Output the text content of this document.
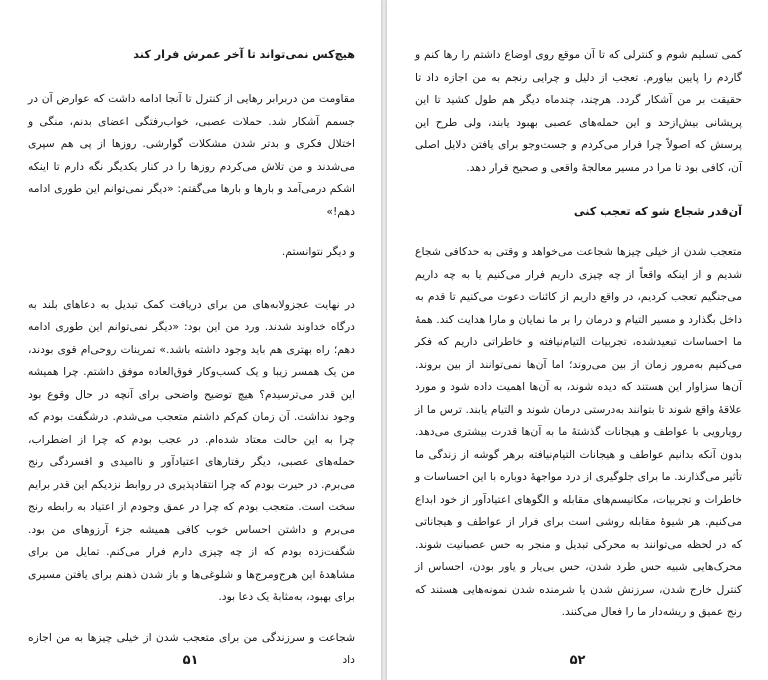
هیچ‌کس نمی‌تواند تا آخر عمرش فرار کند

مقاومت من دربرابر رهایی از کنترل تا آنجا ادامه داشت که عوارض آن در جسمم آشکار شد. حملات عصبی، خواب‌رفتگی اعضای بدنم، منگی و اختلال فکری و بدتر شدن مشکلات گوارشی. روزها از پی هم سپری می‌شدند و من تلاش می‌کردم روزها را در کنار یکدیگر نگه دارم تا اینکه اشکم درمی‌آمد و بارها و بارها می‌گفتم: «دیگر نمی‌توانم این طوری ادامه دهم!»

و دیگر نتوانستم.

در نهایت عجزولابه‌های من برای دریافت کمک تبدیل به دعاهای بلند به درگاه خداوند شدند. ورد من این بود: «دیگر نمی‌توانم این طوری ادامه دهم؛ راه بهتری هم باید وجود داشته باشد.» تمرینات روحی‌ام قوی بودند، من یک همسر زیبا و یک کسب‌وکار فوق‌العاده موفق داشتم. چرا همیشه این قدر می‌ترسیدم؟ هیچ توضیح واضحی برای آنچه در حال وقوع بود وجود نداشت. آن زمان کم‌کم داشتم متعجب می‌شدم. درشگفت بودم که چرا به این حالت معتاد شده‌ام. در عجب بودم که چرا از اضطراب، حمله‌های عصبی، دیگر رفتارهای اعتیادآور و ناامیدی و افسردگی رنج می‌برم. در حیرت بودم که چرا انتقادپذیری در روابط نزدیکم این قدر برایم سخت است. متعجب بودم که چرا در عمق وجودم از اعتیاد به رابطه رنج می‌برم و داشتن احساس خوب کافی همیشه جزء آرزوهای من بود. شگفت‌زده بودم که از چه چیزی دارم فرار می‌کنم. تمایل من برای مشاهدهٔ این هرج‌ومرج‌ها و شلوغی‌ها و باز شدن ذهنم برای یافتن مسیری برای بهبود، به‌مثابهٔ یک دعا بود.

شجاعت و سرزندگی من برای متعجب شدن از خیلی چیزها به من اجازه داد

۵۱

کمی تسلیم شوم و کنترلی که تا آن موقع روی اوضاع داشتم را رها کنم و گاردم را پایین بیاورم. تعجب از دلیل و چرایی رنجم به من اجازه داد تا حقیقت بر من آشکار گردد. هرچند، چندماه دیگر هم طول کشید تا این پریشانی بیش‌ازحد و این حمله‌های عصبی بهبود یابند، ولی طرح این پرسش که اصولاً چرا فرار می‌کردم و جست‌وجو برای یافتن دلایل اصلی آن، کافی بود تا مرا در مسیر معالجهٔ واقعی و صحیح قرار دهد.

آن‌قدر شجاع شو که تعجب کنی

متعجب شدن از خیلی چیزها شجاعت می‌خواهد و وقتی به حدکافی شجاع شدیم و از اینکه واقعاً از چه چیزی داریم فرار می‌کنیم یا به چه داریم می‌جنگیم تعجب کردیم، در واقع داریم از کائنات دعوت می‌کنیم تا قدم به داخل بگذارد و مسیر التیام و درمان را بر ما نمایان و مارا هدایت کند. همهٔ ما احساسات تبعیدشده، تجربیات التیام‌نیافته و خاطراتی داریم که فکر می‌کنیم به‌مرور زمان از بین می‌روند؛ اما آن‌ها نمی‌توانند از بین بروند. آن‌ها سزاوار این هستند که دیده شوند، به آن‌ها اهمیت داده شود و مورد علاقهٔ واقع شوند تا بتوانند به‌درستی درمان شوند و التیام یابند. ترس ما از رویارویی با عواطف و هیجانات گذشتهٔ ما به آن‌ها قدرت بیشتری می‌دهد. بدون آنکه بدانیم عواطف و هیجانات التیام‌نیافته برهر گوشه از زندگی ما تأثیر می‌گذارند. ما برای جلوگیری از درد مواجههٔ دوباره با این احساسات و خاطرات و تجربیات، مکانیسم‌های مقابله و الگوهای اعتیادآور از خود ابداع می‌کنیم. هر شیوهٔ مقابله روشی است برای فرار از عواطف و هیجاناتی که در لحظه می‌توانند به محرکی تبدیل و منجر به حس عصبانیت شوند. محرک‌هایی شبیه حس طرد شدن، حس بی‌یار و یاور بودن، احساس از کنترل خارج شدن، سرزنش شدن یا شرمنده شدن نمونه‌هایی هستند که رنج عمیق و ریشه‌دار ما را فعال می‌کنند.

۵۲
